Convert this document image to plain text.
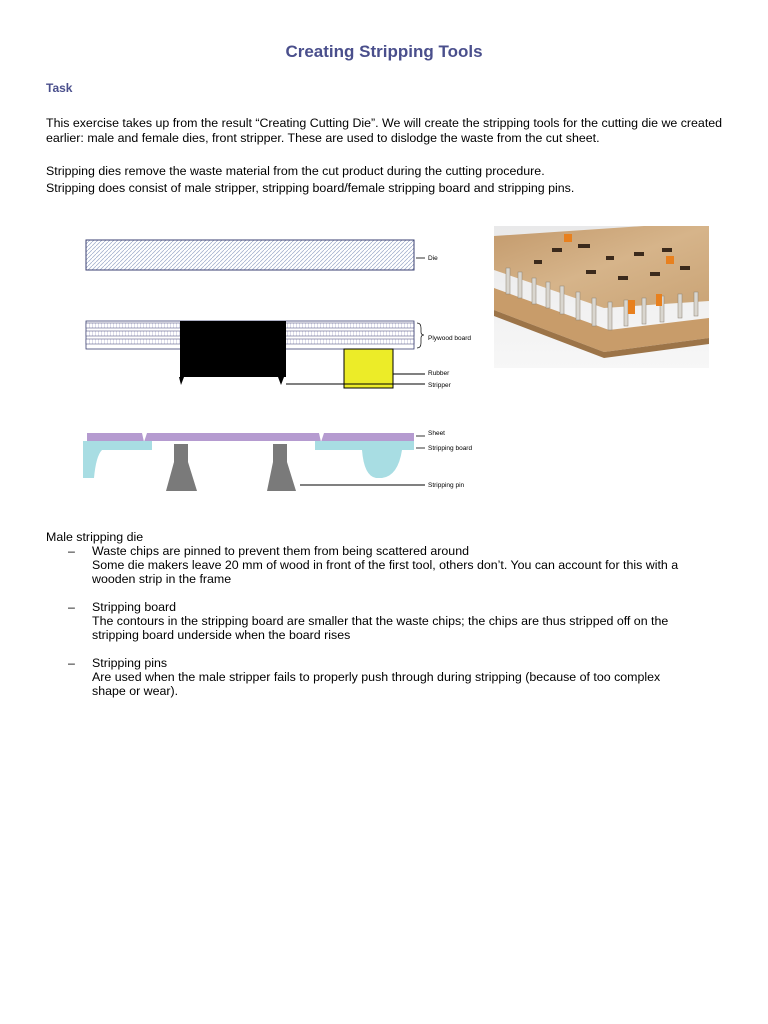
Creating Stripping Tools
Task
This exercise takes up from the result “Creating Cutting Die”. We will create the stripping tools for the cutting die we created earlier: male and female dies, front stripper. These are used to dislodge the waste from the cut sheet.
Stripping dies remove the waste material from the cut product during the cutting procedure.
Stripping does consist of male stripper, stripping board/female stripping board and stripping pins.
Die
Plywood board
Rubber
Stripper
Sheet
Stripping board
Stripping pin
Male stripping die
–	Waste chips are pinned to prevent them from being scattered around
Some die makers leave 20 mm of wood in front of the first tool, others don’t. You can account for this with a
wooden strip in the frame
–	Stripping board
The contours in the stripping board are smaller that the waste chips; the chips are thus stripped off on the
stripping board underside when the board rises
–	Stripping pins
Are used when the male stripper fails to properly push through during stripping (because of too complex
shape or wear).
